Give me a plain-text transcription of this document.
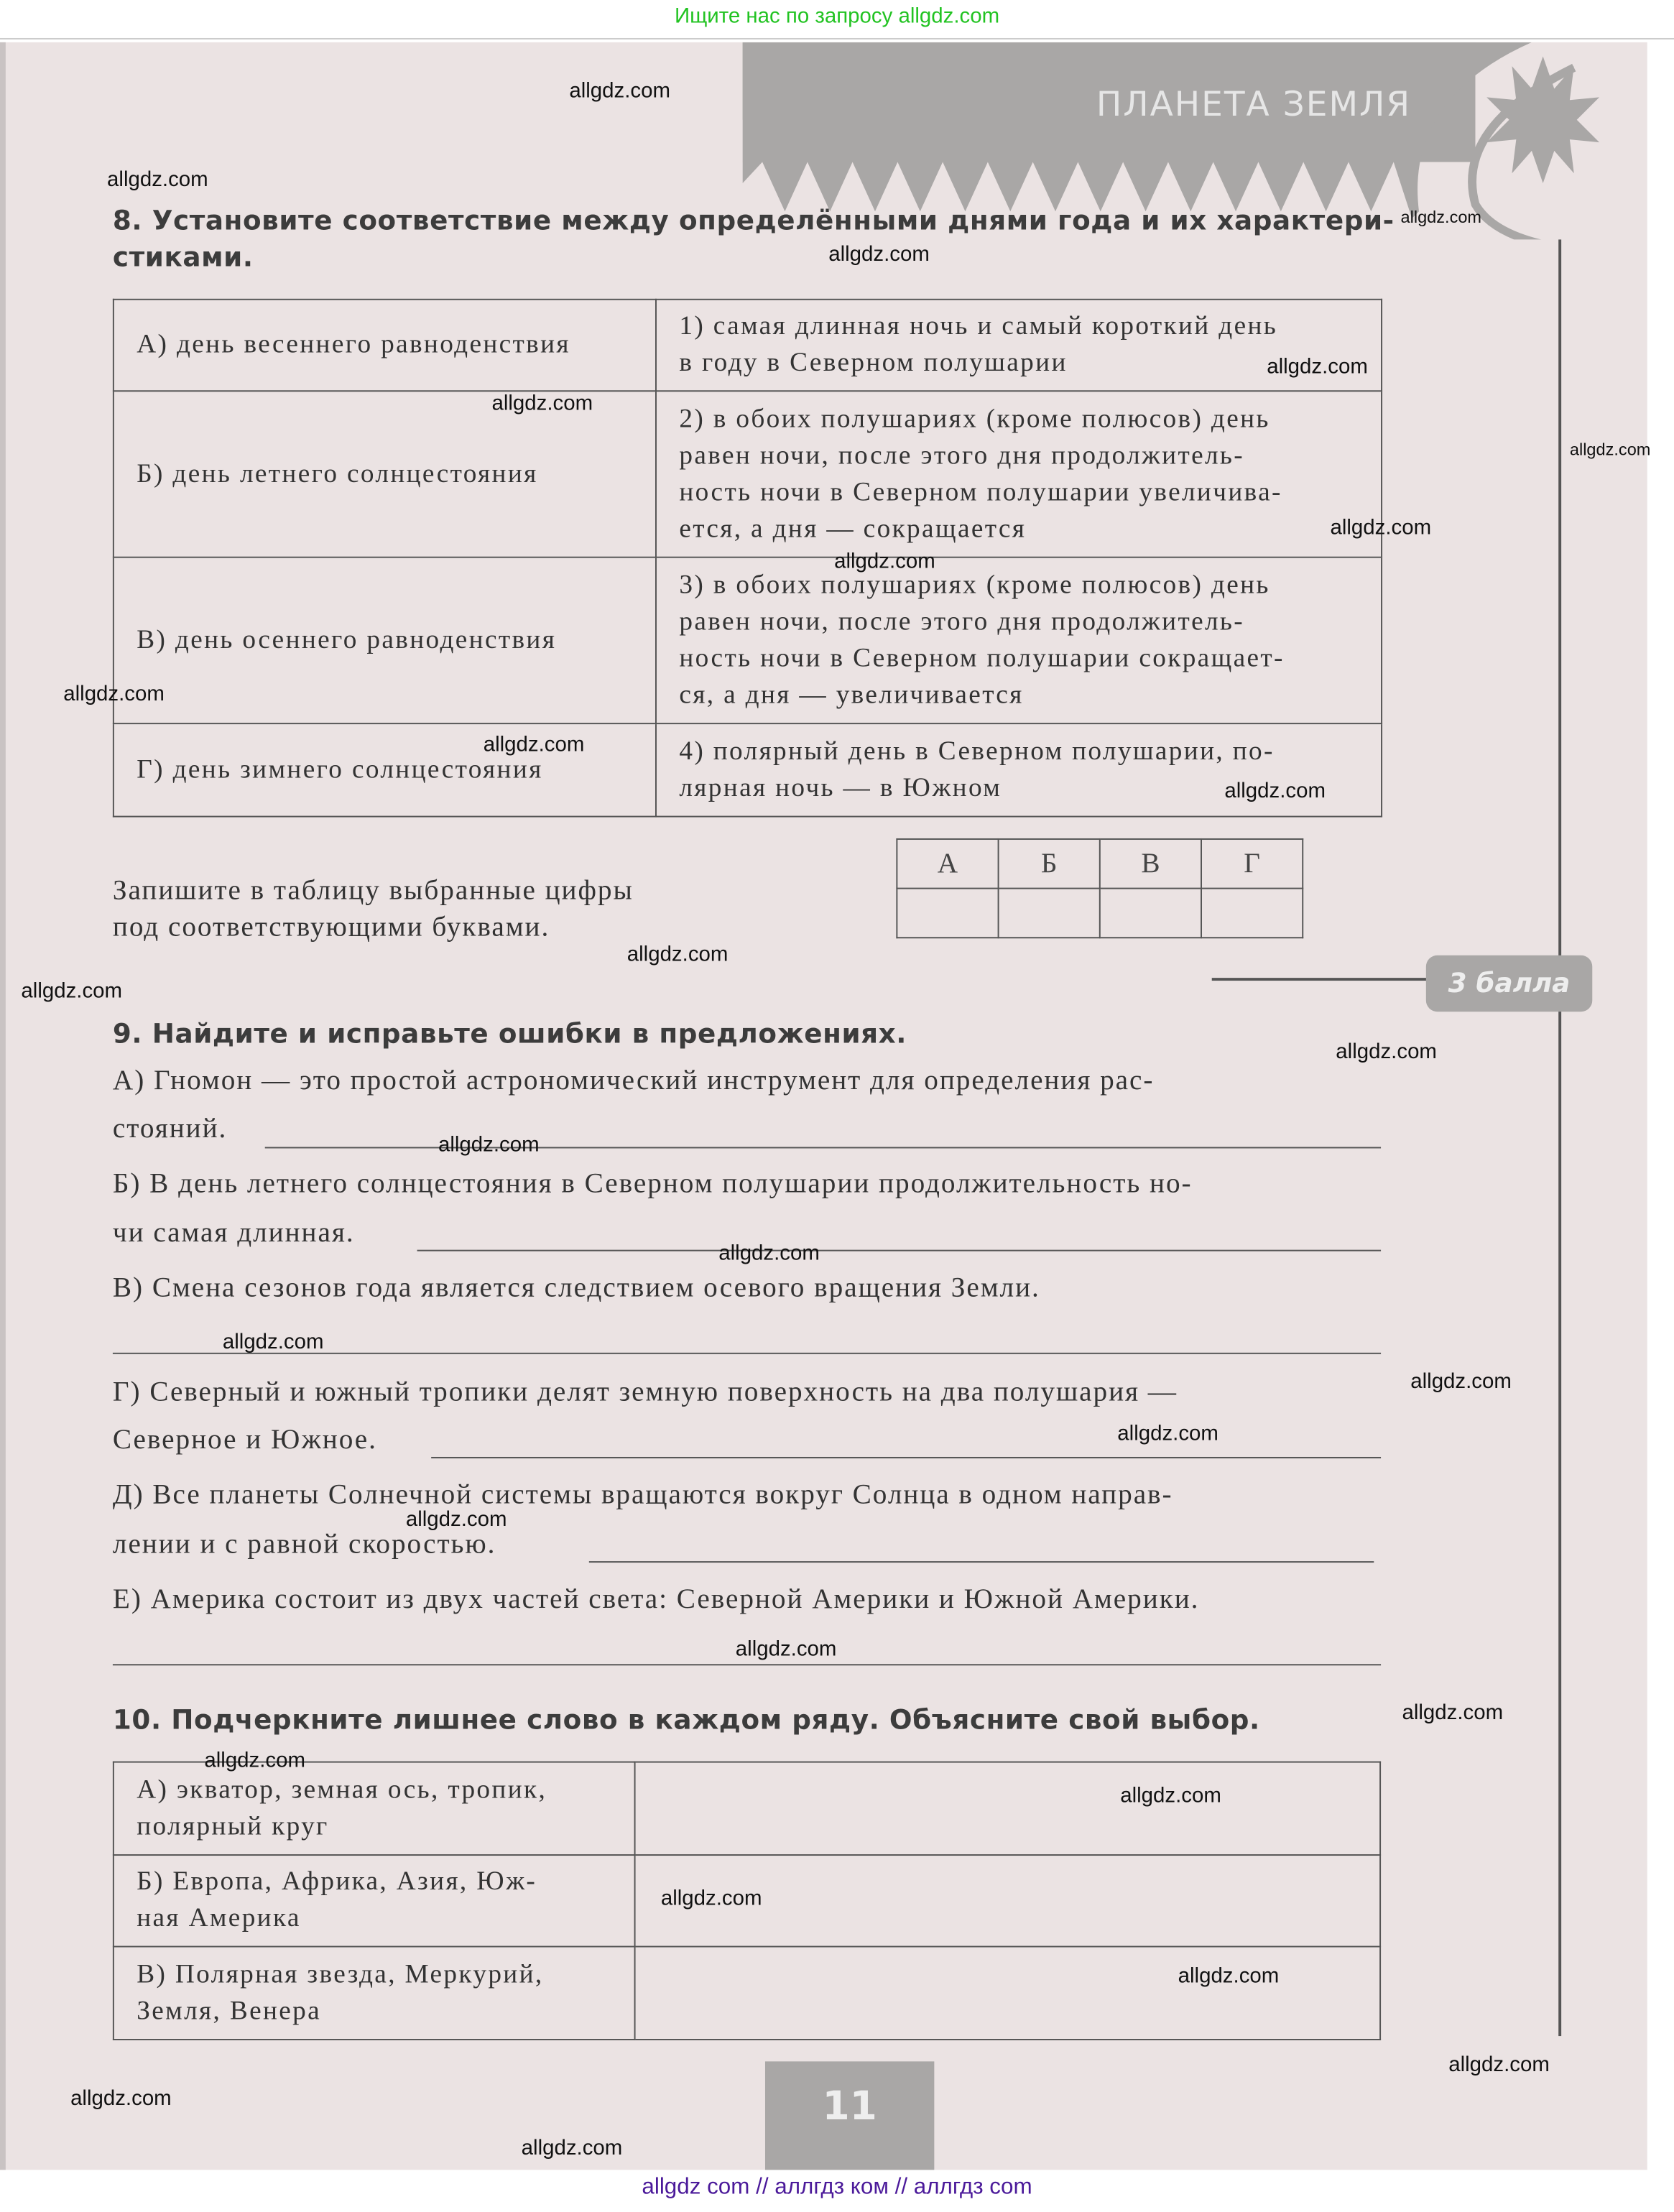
Ищите нас по запросу allgdz.com
ПЛАНЕТА ЗЕМЛЯ
8. Установите соответствие между определёнными днями года и их характери-
стиками.
А) день весеннего равноденствия	1) самая длинная ночь и самый короткий день
в году в Северном полушарии

Б) день летнего солнцестояния	2) в обоих полушариях (кроме полюсов) день
равен ночи, после этого дня продолжитель-
ность ночи в Северном полушарии увеличива-
ется, а дня — сокращается

В) день осеннего равноденствия	3) в обоих полушариях (кроме полюсов) день
равен ночи, после этого дня продолжитель-
ность ночи в Северном полушарии сокращает-
ся, а дня — увеличивается

Г) день зимнего солнцестояния	4) полярный день в Северном полушарии, по-
лярная ночь — в Южном
Запишите в таблицу выбранные цифры
под соответствующими буквами.
А	Б	В	Г

3 балла
9. Найдите и исправьте ошибки в предложениях.
А) Гномон — это простой астрономический инструмент для определения рас-
стояний.
Б) В день летнего солнцестояния в Северном полушарии продолжительность но-
чи самая длинная.
В) Смена сезонов года является следствием осевого вращения Земли.
Г) Северный и южный тропики делят земную поверхность на два полушария —
Северное и Южное.
Д) Все планеты Солнечной системы вращаются вокруг Солнца в одном направ-
лении и с равной скоростью.
Е) Америка состоит из двух частей света: Северной Америки и Южной Америки.
10. Подчеркните лишнее слово в каждом ряду. Объясните свой выбор.
А) экватор, земная ось, тропик,
полярный круг	

Б) Европа, Африка, Азия, Юж-
ная Америка	

В) Полярная звезда, Меркурий,
Земля, Венера	

11
allgdz com // аллгдз ком // аллгдз com
allgdz.com
allgdz.com
allgdz.com
allgdz.com
allgdz.com
allgdz.com
allgdz.com
allgdz.com
allgdz.com
allgdz.com
allgdz.com
allgdz.com
allgdz.com
allgdz.com
allgdz.com
allgdz.com
allgdz.com
allgdz.com
allgdz.com
allgdz.com
allgdz.com
allgdz.com
allgdz.com
allgdz.com
allgdz.com
allgdz.com
allgdz.com
allgdz.com
allgdz.com
allgdz.com
